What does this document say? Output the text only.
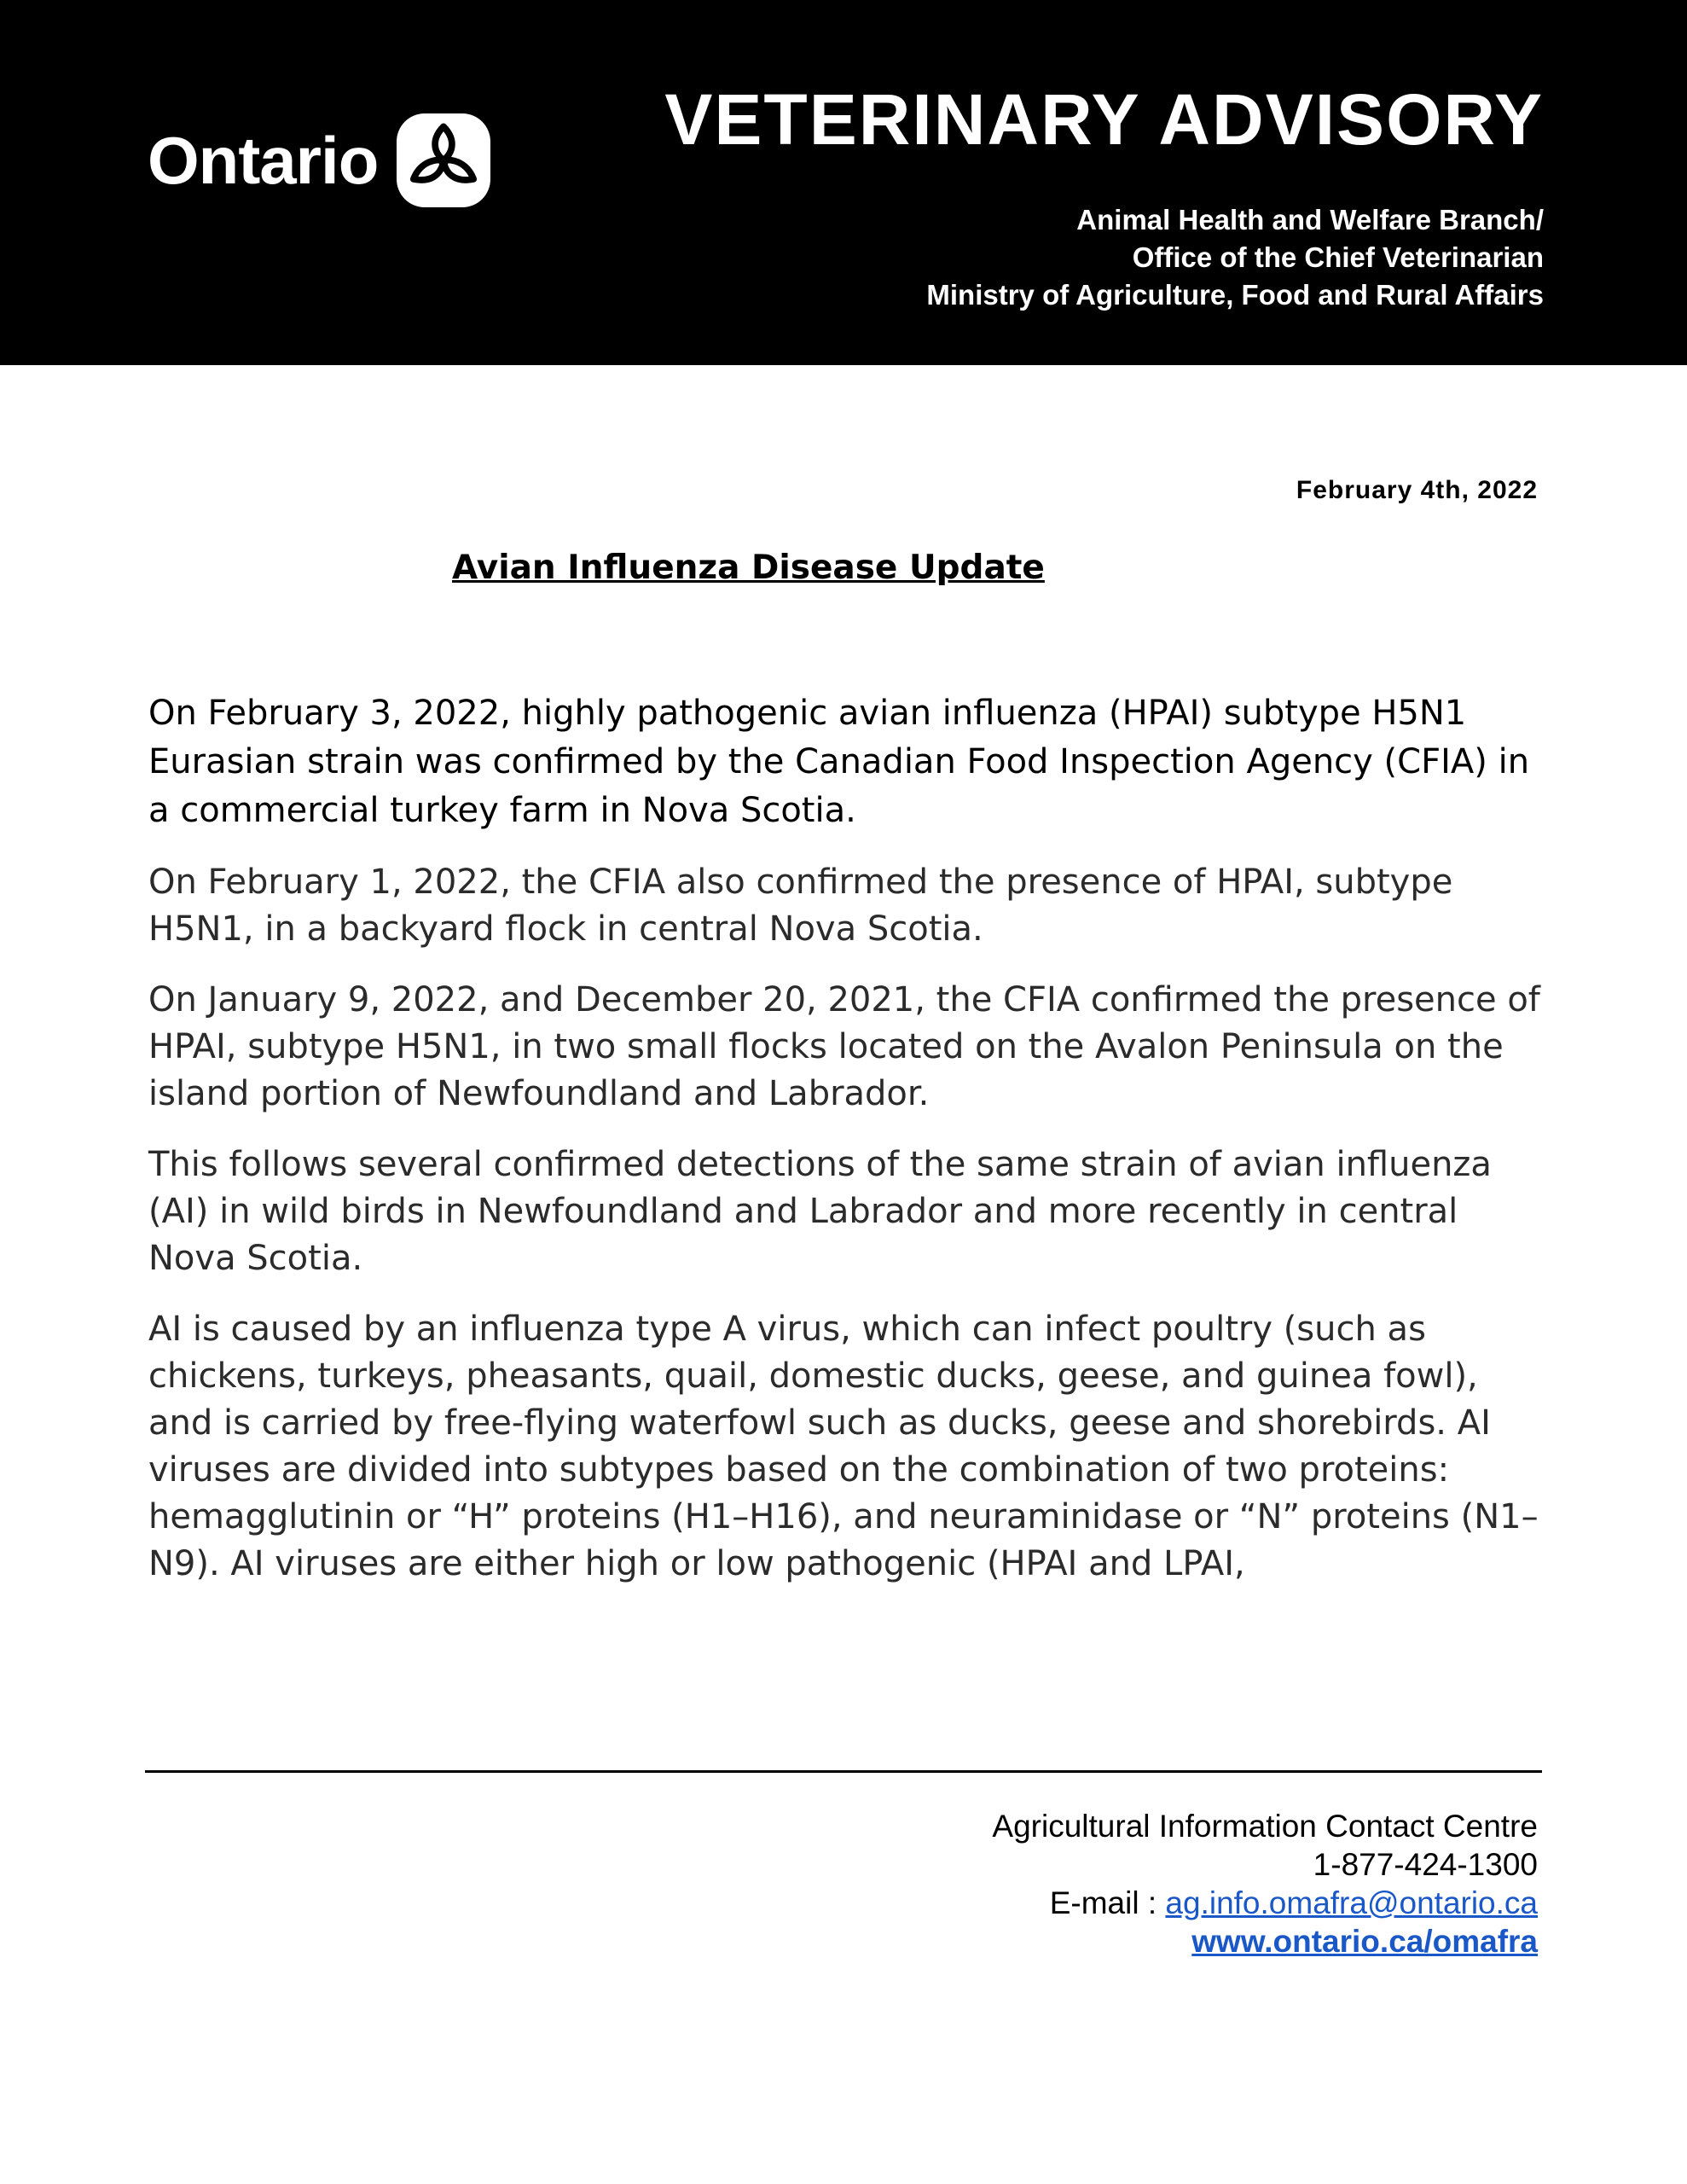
Ontario
VETERINARY ADVISORY
Animal Health and Welfare Branch/
Office of the Chief Veterinarian
Ministry of Agriculture, Food and Rural Affairs
February 4th, 2022
Avian Influenza Disease Update

On February 3, 2022, highly pathogenic avian influenza (HPAI) subtype H5N1 Eurasian strain was confirmed by the Canadian Food Inspection Agency (CFIA) in a commercial turkey farm in Nova Scotia.

On February 1, 2022, the CFIA also confirmed the presence of HPAI, subtype H5N1, in a backyard flock in central Nova Scotia.

On January 9, 2022, and December 20, 2021, the CFIA confirmed the presence of HPAI, subtype H5N1, in two small flocks located on the Avalon Peninsula on the island portion of Newfoundland and Labrador.

This follows several confirmed detections of the same strain of avian influenza (AI) in wild birds in Newfoundland and Labrador and more recently in central Nova Scotia.

AI is caused by an influenza type A virus, which can infect poultry (such as chickens, turkeys, pheasants, quail, domestic ducks, geese, and guinea fowl), and is carried by free-flying waterfowl such as ducks, geese and shorebirds. AI viruses are divided into subtypes based on the combination of two proteins: hemagglutinin or “H” proteins (H1–H16), and neuraminidase or “N” proteins (N1–N9). AI viruses are either high or low pathogenic (HPAI and LPAI,

Agricultural Information Contact Centre
1-877-424-1300
E-mail : ag.info.omafra@ontario.ca
www.ontario.ca/omafra
